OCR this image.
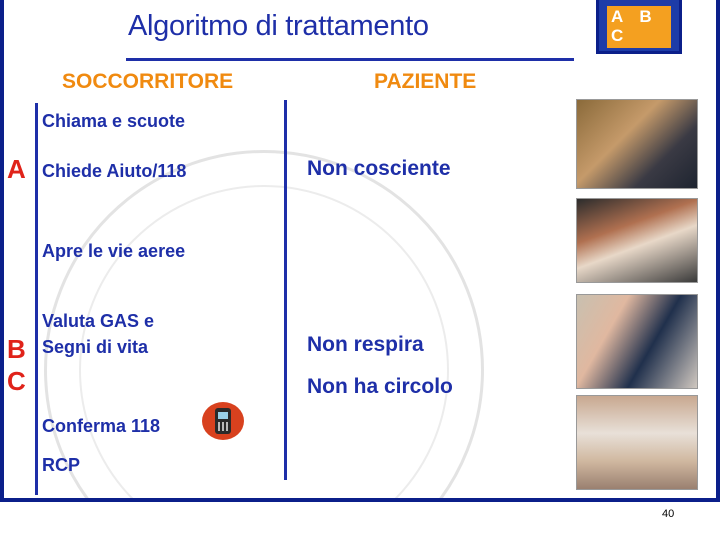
Algoritmo di trattamento	A B
C
SOCCORRITORE	PAZIENTE
A
B
C
Chiama e scuote
Chiede Aiuto/118
Apre le vie aeree
Valuta GAS e
Segni di vita
Conferma 118
RCP
Non cosciente
Non respira
Non ha circolo
40
